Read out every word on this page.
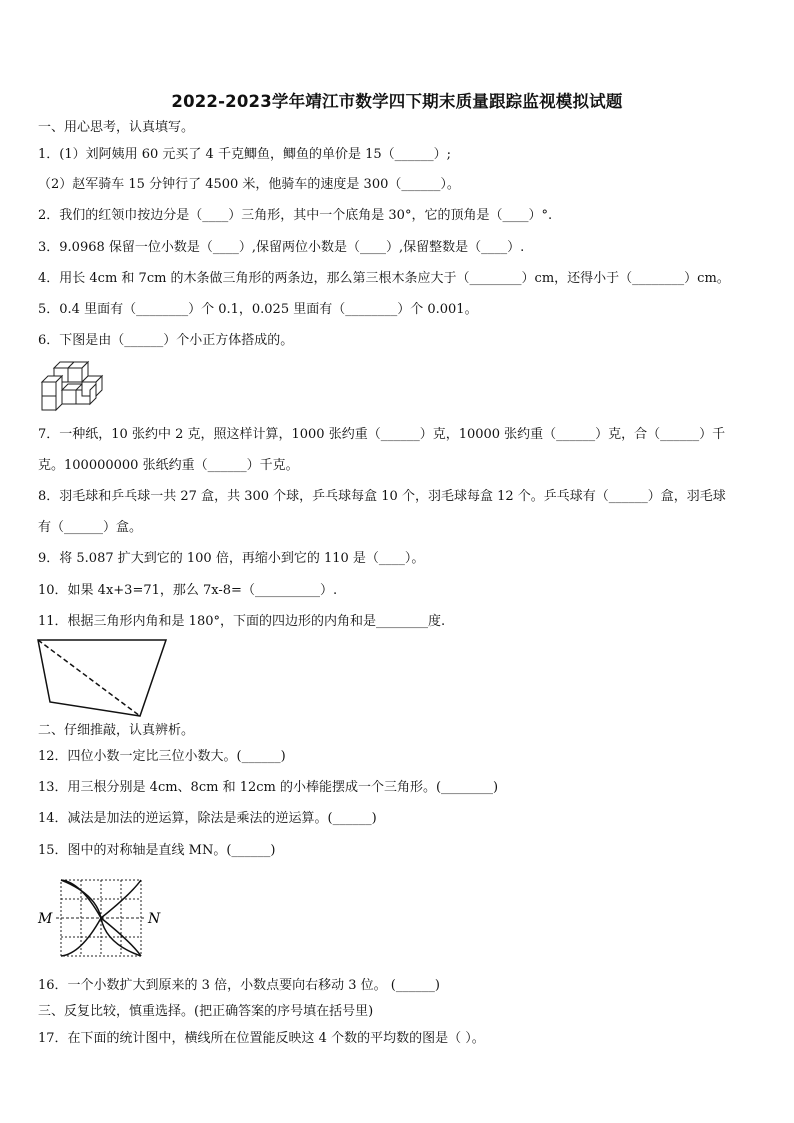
2022-2023学年靖江市数学四下期末质量跟踪监视模拟试题
一、用心思考，认真填写。
1．(1）刘阿姨用 60 元买了 4 千克鲫鱼，鲫鱼的单价是 15（______）;
（2）赵军骑车 15 分钟行了 4500 米，他骑车的速度是 300（______）。
2．我们的红领巾按边分是（____）三角形，其中一个底角是 30°，它的顶角是（____）°.
3．9.0968 保留一位小数是（____）,保留两位小数是（____）,保留整数是（____）.
4．用长 4cm 和 7cm 的木条做三角形的两条边，那么第三根木条应大于（________）cm，还得小于（________）cm。
5．0.4 里面有（________）个 0.1，0.025 里面有（________）个 0.001。
6．下图是由（______）个小正方体搭成的。
7．一种纸，10 张约中 2 克，照这样计算，1000 张约重（______）克，10000 张约重（______）克，合（______）千
克。100000000 张纸约重（______）千克。
8．羽毛球和乒乓球一共 27 盒，共 300 个球，乒乓球每盒 10 个，羽毛球每盒 12 个。乒乓球有（______）盒，羽毛球
有（______）盒。
9．将 5.087 扩大到它的 100 倍，再缩小到它的 110 是（____）。
10．如果 4x+3=71，那么 7x-8=（__________）.
11．根据三角形内角和是 180°，下面的四边形的内角和是________度.
二、仔细推敲，认真辨析。
12．四位小数一定比三位小数大。(______)
13．用三根分别是 4cm、8cm 和 12cm 的小棒能摆成一个三角形。(________)
14．减法是加法的逆运算，除法是乘法的逆运算。(______)
15．图中的对称轴是直线 MN。(______)
M	N
16．一个小数扩大到原来的 3 倍，小数点要向右移动 3 位。 (______)
三、反复比较，慎重选择。(把正确答案的序号填在括号里)
17．在下面的统计图中，横线所在位置能反映这 4 个数的平均数的图是（ ）。
